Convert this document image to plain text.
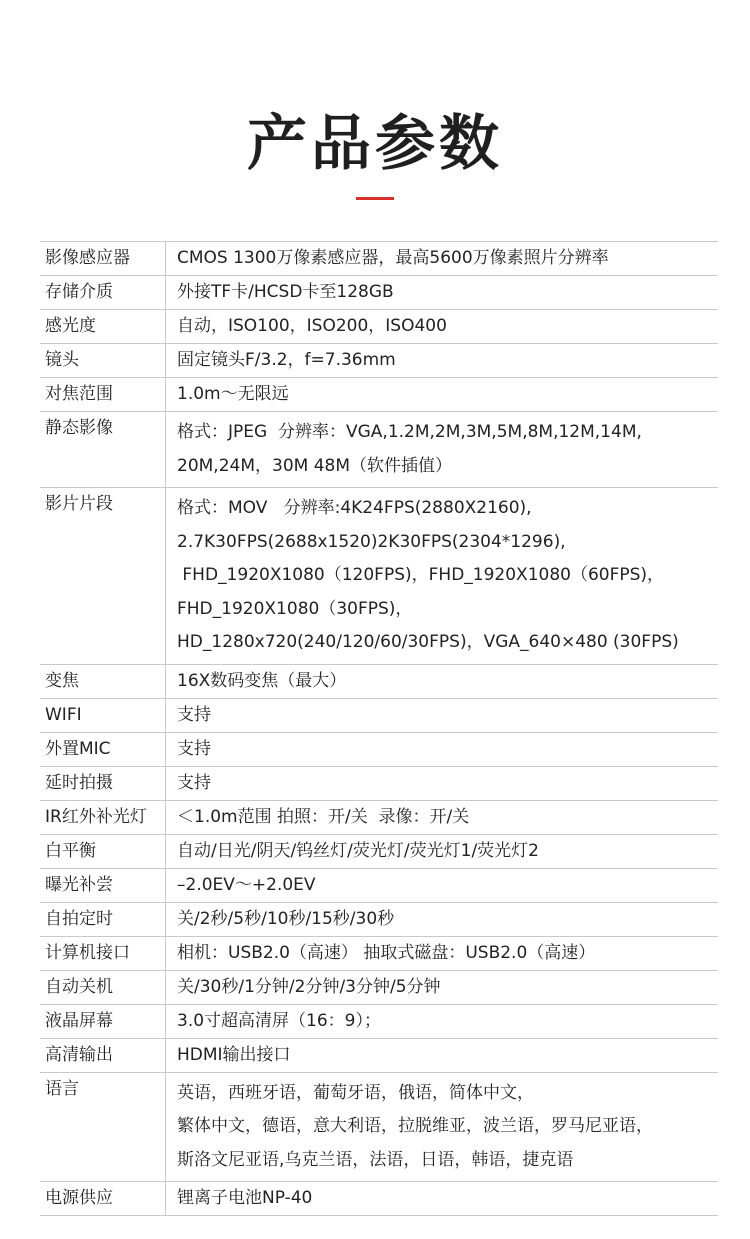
产品参数
影像感应器	CMOS 1300万像素感应器，最高5600万像素照片分辨率

存储介质	外接TF卡/HCSD卡至128GB

感光度	自动，ISO100，ISO200，ISO400

镜头	固定镜头F/3.2，f=7.36mm

对焦范围	1.0m～无限远

静态影像	格式：JPEG  分辨率：VGA,1.2M,2M,3M,5M,8M,12M,14M,
20M,24M，30M 48M（软件插值）

影片片段	格式：MOV   分辨率:4K24FPS(2880X2160),
2.7K30FPS(2688x1520)2K30FPS(2304*1296),
FHD_1920X1080（120FPS)，FHD_1920X1080（60FPS)，
FHD_1920X1080（30FPS)，
HD_1280x720(240/120/60/30FPS)，VGA_640×480 (30FPS)

变焦	16X数码变焦（最大）

WIFI	支持

外置MIC	支持

延时拍摄	支持

IR红外补光灯	＜1.0m范围 拍照：开/关  录像：开/关

白平衡	自动/日光/阴天/钨丝灯/荧光灯/荧光灯1/荧光灯2

曝光补尝	–2.0EV～+2.0EV

自拍定时	关/2秒/5秒/10秒/15秒/30秒

计算机接口	相机：USB2.0（高速） 抽取式磁盘：USB2.0（高速）

自动关机	关/30秒/1分钟/2分钟/3分钟/5分钟

液晶屏幕	3.0寸超高清屏（16：9）；

高清输出	HDMI输出接口

语言	英语，西班牙语，葡萄牙语，俄语，简体中文，
繁体中文，德语，意大利语，拉脱维亚，波兰语，罗马尼亚语，
斯洛文尼亚语,乌克兰语，法语，日语，韩语，捷克语

电源供应	锂离子电池NP-40
